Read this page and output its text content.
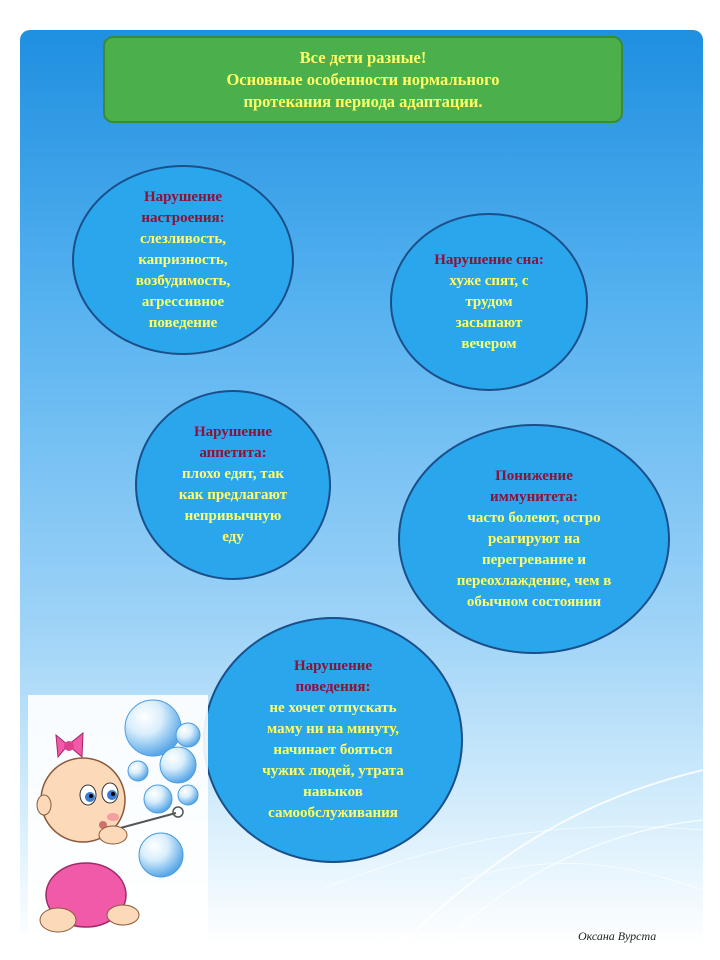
Все дети разные!
Основные особенности нормального
протекания периода адаптации.
Нарушение
настроения:
слезливость,
капризность,
возбудимость,
агрессивное
поведение
Нарушение сна:
хуже спят, с
трудом
засыпают
вечером
Нарушение
аппетита:
плохо едят, так
как предлагают
непривычную
еду
Понижение
иммунитета:
часто болеют, остро
реагируют на
перегревание и
переохлаждение, чем в
обычном состоянии
Нарушение
поведения:
не хочет отпускать
маму ни на минуту,
начинает бояться
чужих людей, утрата
навыков
самообслуживания
Оксана Вурста
